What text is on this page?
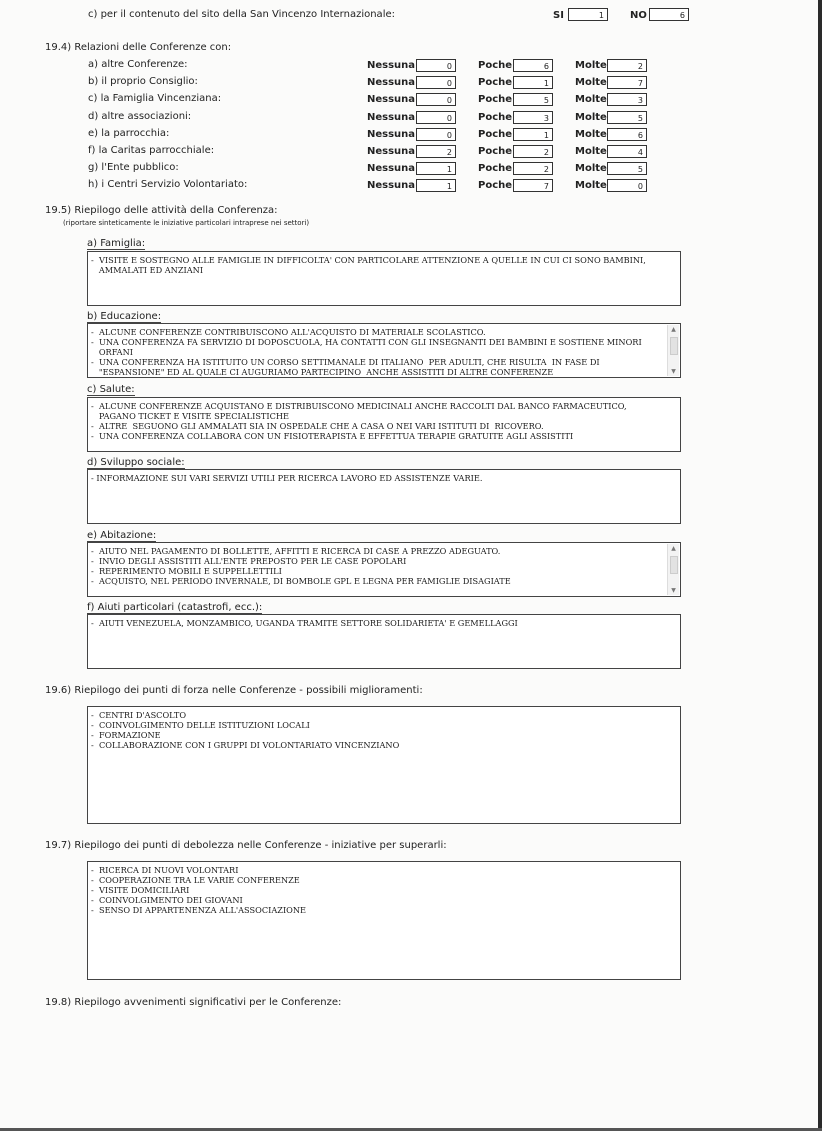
c) per il contenuto del sito della San Vincenzo Internazionale:	SI	1	NO	6
19.4) Relazioni delle Conferenze con:
a) altre Conferenze:	Nessuna	0	Poche	6	Molte	2
b) il proprio Consiglio:	Nessuna	0	Poche	1	Molte	7
c) la Famiglia Vincenziana:	Nessuna	0	Poche	5	Molte	3
d) altre associazioni:	Nessuna	0	Poche	3	Molte	5
e) la parrocchia:	Nessuna	0	Poche	1	Molte	6
f) la Caritas parrocchiale:	Nessuna	2	Poche	2	Molte	4
g) l'Ente pubblico:	Nessuna	1	Poche	2	Molte	5
h) i Centri Servizio Volontariato:	Nessuna	1	Poche	7	Molte	0
19.5) Riepilogo delle attività della Conferenza:
(riportare sinteticamente le iniziative particolari intraprese nei settori)
a) Famiglia:
-  VISITE E SOSTEGNO ALLE FAMIGLIE IN DIFFICOLTA' CON PARTICOLARE ATTENZIONE A QUELLE IN CUI CI SONO BAMBINI,
AMMALATI ED ANZIANI
b) Educazione:
-  ALCUNE CONFERENZE CONTRIBUISCONO ALL'ACQUISTO DI MATERIALE SCOLASTICO.
-  UNA CONFERENZA FA SERVIZIO DI DOPOSCUOLA, HA CONTATTI CON GLI INSEGNANTI DEI BAMBINI E SOSTIENE MINORI
ORFANI
-  UNA CONFERENZA HA ISTITUITO UN CORSO SETTIMANALE DI ITALIANO  PER ADULTI, CHE RISULTA  IN FASE DI
"ESPANSIONE" ED AL QUALE CI AUGURIAMO PARTECIPINO  ANCHE ASSISTITI DI ALTRE CONFERENZE
▲
▼
c) Salute:
-  ALCUNE CONFERENZE ACQUISTANO E DISTRIBUISCONO MEDICINALI ANCHE RACCOLTI DAL BANCO FARMACEUTICO,
PAGANO TICKET E VISITE SPECIALISTICHE
-  ALTRE  SEGUONO GLI AMMALATI SIA IN OSPEDALE CHE A CASA O NEI VARI ISTITUTI DI  RICOVERO.
-  UNA CONFERENZA COLLABORA CON UN FISIOTERAPISTA E EFFETTUA TERAPIE GRATUITE AGLI ASSISTITI
d) Sviluppo sociale:
- INFORMAZIONE SUI VARI SERVIZI UTILI PER RICERCA LAVORO ED ASSISTENZE VARIE.
e) Abitazione:
-  AIUTO NEL PAGAMENTO DI BOLLETTE, AFFITTI E RICERCA DI CASE A PREZZO ADEGUATO.
-  INVIO DEGLI ASSISTITI ALL'ENTE PREPOSTO PER LE CASE POPOLARI
-  REPERIMENTO MOBILI E SUPPELLETTILI
-  ACQUISTO, NEL PERIODO INVERNALE, DI BOMBOLE GPL E LEGNA PER FAMIGLIE DISAGIATE
▲
▼
f) Aiuti particolari (catastrofi, ecc.):
-  AIUTI VENEZUELA, MONZAMBICO, UGANDA TRAMITE SETTORE SOLIDARIETA' E GEMELLAGGI
19.6) Riepilogo dei punti di forza nelle Conferenze - possibili miglioramenti:
-  CENTRI D'ASCOLTO
-  COINVOLGIMENTO DELLE ISTITUZIONI LOCALI
-  FORMAZIONE
-  COLLABORAZIONE CON I GRUPPI DI VOLONTARIATO VINCENZIANO
19.7) Riepilogo dei punti di debolezza nelle Conferenze - iniziative per superarli:
-  RICERCA DI NUOVI VOLONTARI
-  COOPERAZIONE TRA LE VARIE CONFERENZE
-  VISITE DOMICILIARI
-  COINVOLGIMENTO DEI GIOVANI
-  SENSO DI APPARTENENZA ALL'ASSOCIAZIONE
19.8) Riepilogo avvenimenti significativi per le Conferenze:
